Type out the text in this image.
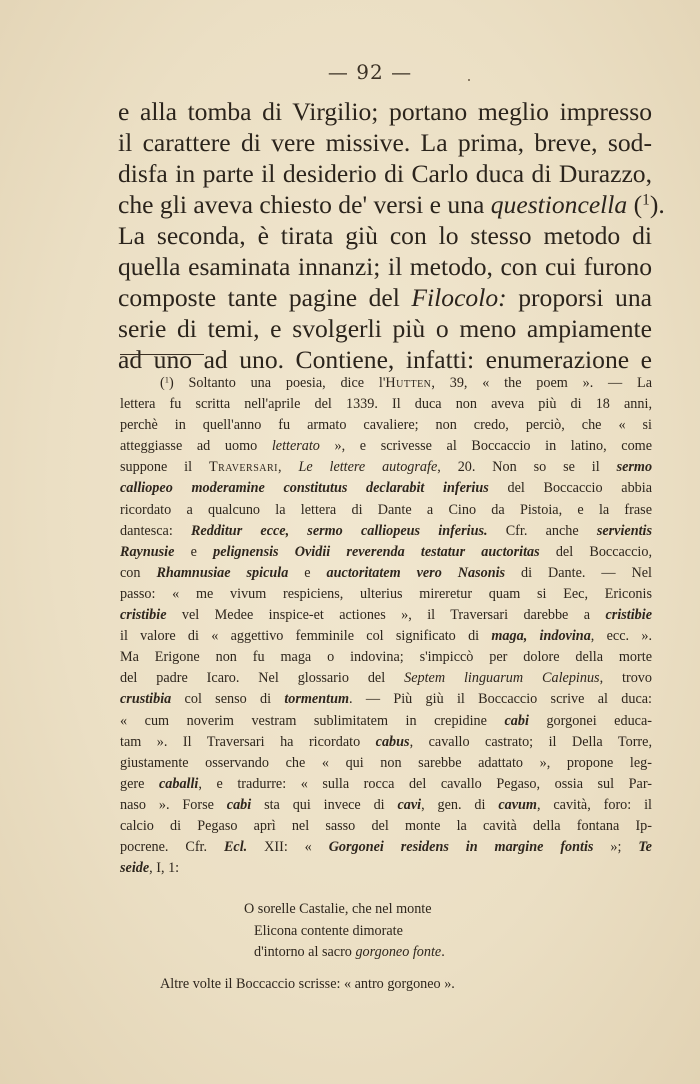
— 92 —
e alla tomba di Virgilio; portano meglio impresso
il carattere di vere missive. La prima, breve, sod-
disfa in parte il desiderio di Carlo duca di Durazzo,
che gli aveva chiesto de' versi e una questioncella ($^1$).
La seconda, è tirata giù con lo stesso metodo di
quella esaminata innanzi; il metodo, con cui furono
composte tante pagine del Filocolo: proporsi una
serie di temi, e svolgerli più o meno ampiamente
ad uno ad uno. Contiene, infatti: enumerazione e
($^1$) Soltanto una poesia, dice l'Hutten, 39, « the poem ». — La
lettera fu scritta nell'aprile del 1339. Il duca non aveva più di 18 anni,
perchè in quell'anno fu armato cavaliere; non credo, perciò, che « si
atteggiasse ad uomo letterato », e scrivesse al Boccaccio in latino, come
suppone il Traversari, Le lettere autografe, 20. Non so se il sermo
calliopeo moderamine constitutus declarabit inferius del Boccaccio abbia
ricordato a qualcuno la lettera di Dante a Cino da Pistoia, e la frase
dantesca: Redditur ecce, sermo calliopeus inferius. Cfr. anche servientis
Raynusie e pelignensis Ovidii reverenda testatur auctoritas del Boccaccio,
con Rhamnusiae spicula e auctoritatem vero Nasonis di Dante. — Nel
passo: « me vivum respiciens, ulterius mireretur quam si Eec, Ericonis
cristibie vel Medee inspice-et actiones », il Traversari darebbe a cristibie
il valore di « aggettivo femminile col significato di maga, indovina, ecc. ».
Ma Erigone non fu maga o indovina; s'impiccò per dolore della morte
del padre Icaro. Nel glossario del Septem linguarum Calepinus, trovo
crustibia col senso di tormentum. — Più giù il Boccaccio scrive al duca:
« cum noverim vestram sublimitatem in crepidine cabi gorgonei educa-
tam ». Il Traversari ha ricordato cabus, cavallo castrato; il Della Torre,
giustamente osservando che « qui non sarebbe adattato », propone leg-
gere caballi, e tradurre: « sulla rocca del cavallo Pegaso, ossia sul Par-
naso ». Forse cabi sta qui invece di cavi, gen. di cavum, cavità, foro: il
calcio di Pegaso aprì nel sasso del monte la cavità della fontana Ip-
pocrene. Cfr. Ecl. XII: « Gorgonei residens in margine fontis »; Te
seide, I, 1:
O sorelle Castalie, che nel monte
Elicona contente dimorate
d'intorno al sacro gorgoneo fonte.
Altre volte il Boccaccio scrisse: « antro gorgoneo ».
